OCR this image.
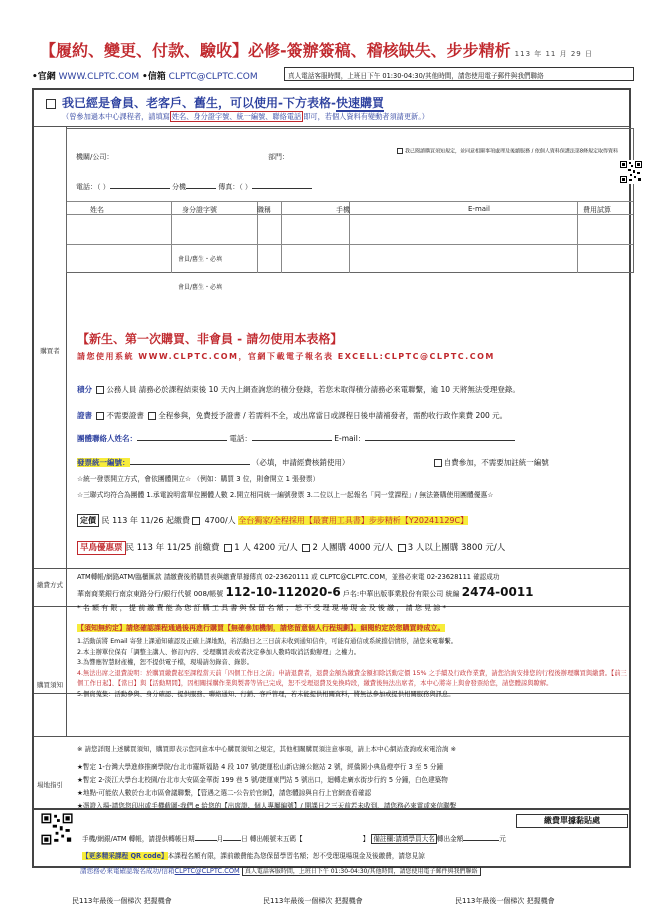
【履約、變更、付款、驗收】必修-簽辦簽稿、稽核缺失、步步精析 113 年 11 月 29 日
•官網 WWW.CLPTC.COM •信箱 CLPTC@CLPTC.COM	真人電話客服時間，上班日下午 01:30-04:30/其他時間，請您使用電子郵件與我們聯絡
我已經是會員、老客戶、舊生，可以使用-下方表格-快速購買
（曾參加過本中心課程者，請填寫 姓名、身分證字號、統一編號、聯絡電話 即可，若個人資料有變動者須請更新。）
機關/公司：	部門：
我已閱讀購買須知規定，並同意相關事項處理及後續服務 / 依個人資料保護法第8條規定取得資料
電話：（ ）	分機	傳真：（ ）
姓名	身分證字號	職稱	手機	E-mail	費用試算
會員/舊生・必填
會員/舊生・必填
購買者
【新生、第一次購買、非會員 - 請勿使用本表格】
請您使用系統 WWW.CLPTC.COM，官網下載電子報名表 EXCELL:CLPTC@CLPTC.COM
積分 公務人員 請務必於課程結束後 10 天內上網查詢您的積分登錄，若您未取得積分請務必來電聯繫，逾 10 天將無法受理登錄。
證書 不需要證書 全程參與，免費授予證書 / 若需料不全，或出席當日或課程日後申請補發者，需酌收行政作業費 200 元。
團體聯絡人姓名：	電話：	E-mail：
發票統一編號：	（必填，申請經費核銷使用）	自費參加，不需要加註統一編號
☆統一發票開立方式，會依團體開立☆ （例如：購買 3 位，則會開立 1 張發票）
☆三聯式均符合為團體 1.承電說明當單位團體人數 2.開立相同統一編號發票 3.二位以上一起報名「同一堂課程」/ 無法簽購使用團體優惠☆
定價 民 113 年 11/26 起繳費 4700/人 全台獨家/全程採用【最實用工具書】步步精析【Y20241129C】
早鳥優惠票 民 113 年 11/25 前繳費 1 人 4200 元/人 2 人團購 4000 元/人 3 人以上團購 3800 元/人
繳費方式
ATM轉帳/網路ATM/臨櫃匯款 請繳費後將購買表與繳費單據傳真 02-23620111 或 CLPTC@CLPTC.COM，並務必來電 02-23628111 確認成功
華南商業銀行南京東路分行/銀行代號 008/帳號 112-10-112020-6 戶名:中華出版事業股份有限公司 統編 2474-0011
* 名 額 有 限 ， 提 前 繳 費 能 為 您 訂 購 工 具 書 與 保 留 名 額 ； 恕 不 受 理 現 場 現 金 及 後 繳 ， 請 您 見 諒 *
購買須知
【須知無約定】請您確認課程通過後再進行購買【無確參加機制，請您留意個人行程規劃】。細閱約定於您購買時成立。
1.活動前將 Email 寄發上課通知確認及正確上課地點，若活動日之三日前未收到通知信件，可能有通信或系統擋信情形，請您來電聯繫。
2.本主辦單位保有「調整主講人、修訂內容、受理購買表或者決定參加人數時取消活動辦理」之權力。
3.為響應智慧財產權，恕不提供電子檔，現場請勿錄音、錄影。
4.無法出席之退費說明：於購買繳費起至課程當天前「四個工作日之前」申請退費者，退費金額為繳費金額扣除活動定價 15% 之手續及行政作業費，請您洽詢安排您的行程後辦理購買與繳費。【前三個工作日起】、【當日】與【活動期間】，因相關採購作業與製書等皆已完成，恕不受理退費及免換時段，繳費後無法出席者，本中心將寄上與會發票給您，請您體諒與瞭解。
5.個資蒐集：活動參與、身分確認、提供服務、聯絡通知、行銷、客戶管理，若未能提供相關資料，將無法參加或提供相關服務與訊息。
※ 請您詳閱上述購買須知，購買即表示您同意本中心購買須知之規定，其他相關購買須注意事項，請上本中心網站查詢或來電洽詢 ※
場地指引
★暫定 1-台灣大學進修推廣學院/台北市羅斯福路 4 段 107 號/捷運松山新店線公館站 2 號，經僑園小典島燈亭行 3 至 5 分鐘
★暫定 2-淡江大學台北校園/台北市大安區金華街 199 巷 5 號/捷運東門站 5 號出口，迴轉走廣水街步行約 5 分鐘，白色建築物
★地點-可能依人數於台北市區會議聯繫，【管遇之選二-公告於官網】，請您體諒與自行上官網查看確認
★憑證入場-請您您印出或手機截圖-我們 e 給您的【出席證、個人專屬編號】/ 開課日之三天前若未收到，請您務必來電或來信聯繫
繳費單據黏貼處
手機/網銀/ATM 轉帳，請提供轉帳日期	月	日 轉出帳號末五碼【	】 備註欄:請填學員大名 轉出金額	元
【更多精采課程 QR code】本課程名額有限，課前繳費能為您保留學習名額；恕不受理現場現金及後繳費，請您見諒
請您務必來電確認報名成功/信箱CLPTC@CLPTC.COM 真人電話客服時間，上班日下午 01:30-04:30/其他時間，請您使用電子郵件與我們聯絡
民113年最後一個梯次 把握機會	民113年最後一個梯次 把握機會	民113年最後一個梯次 把握機會
